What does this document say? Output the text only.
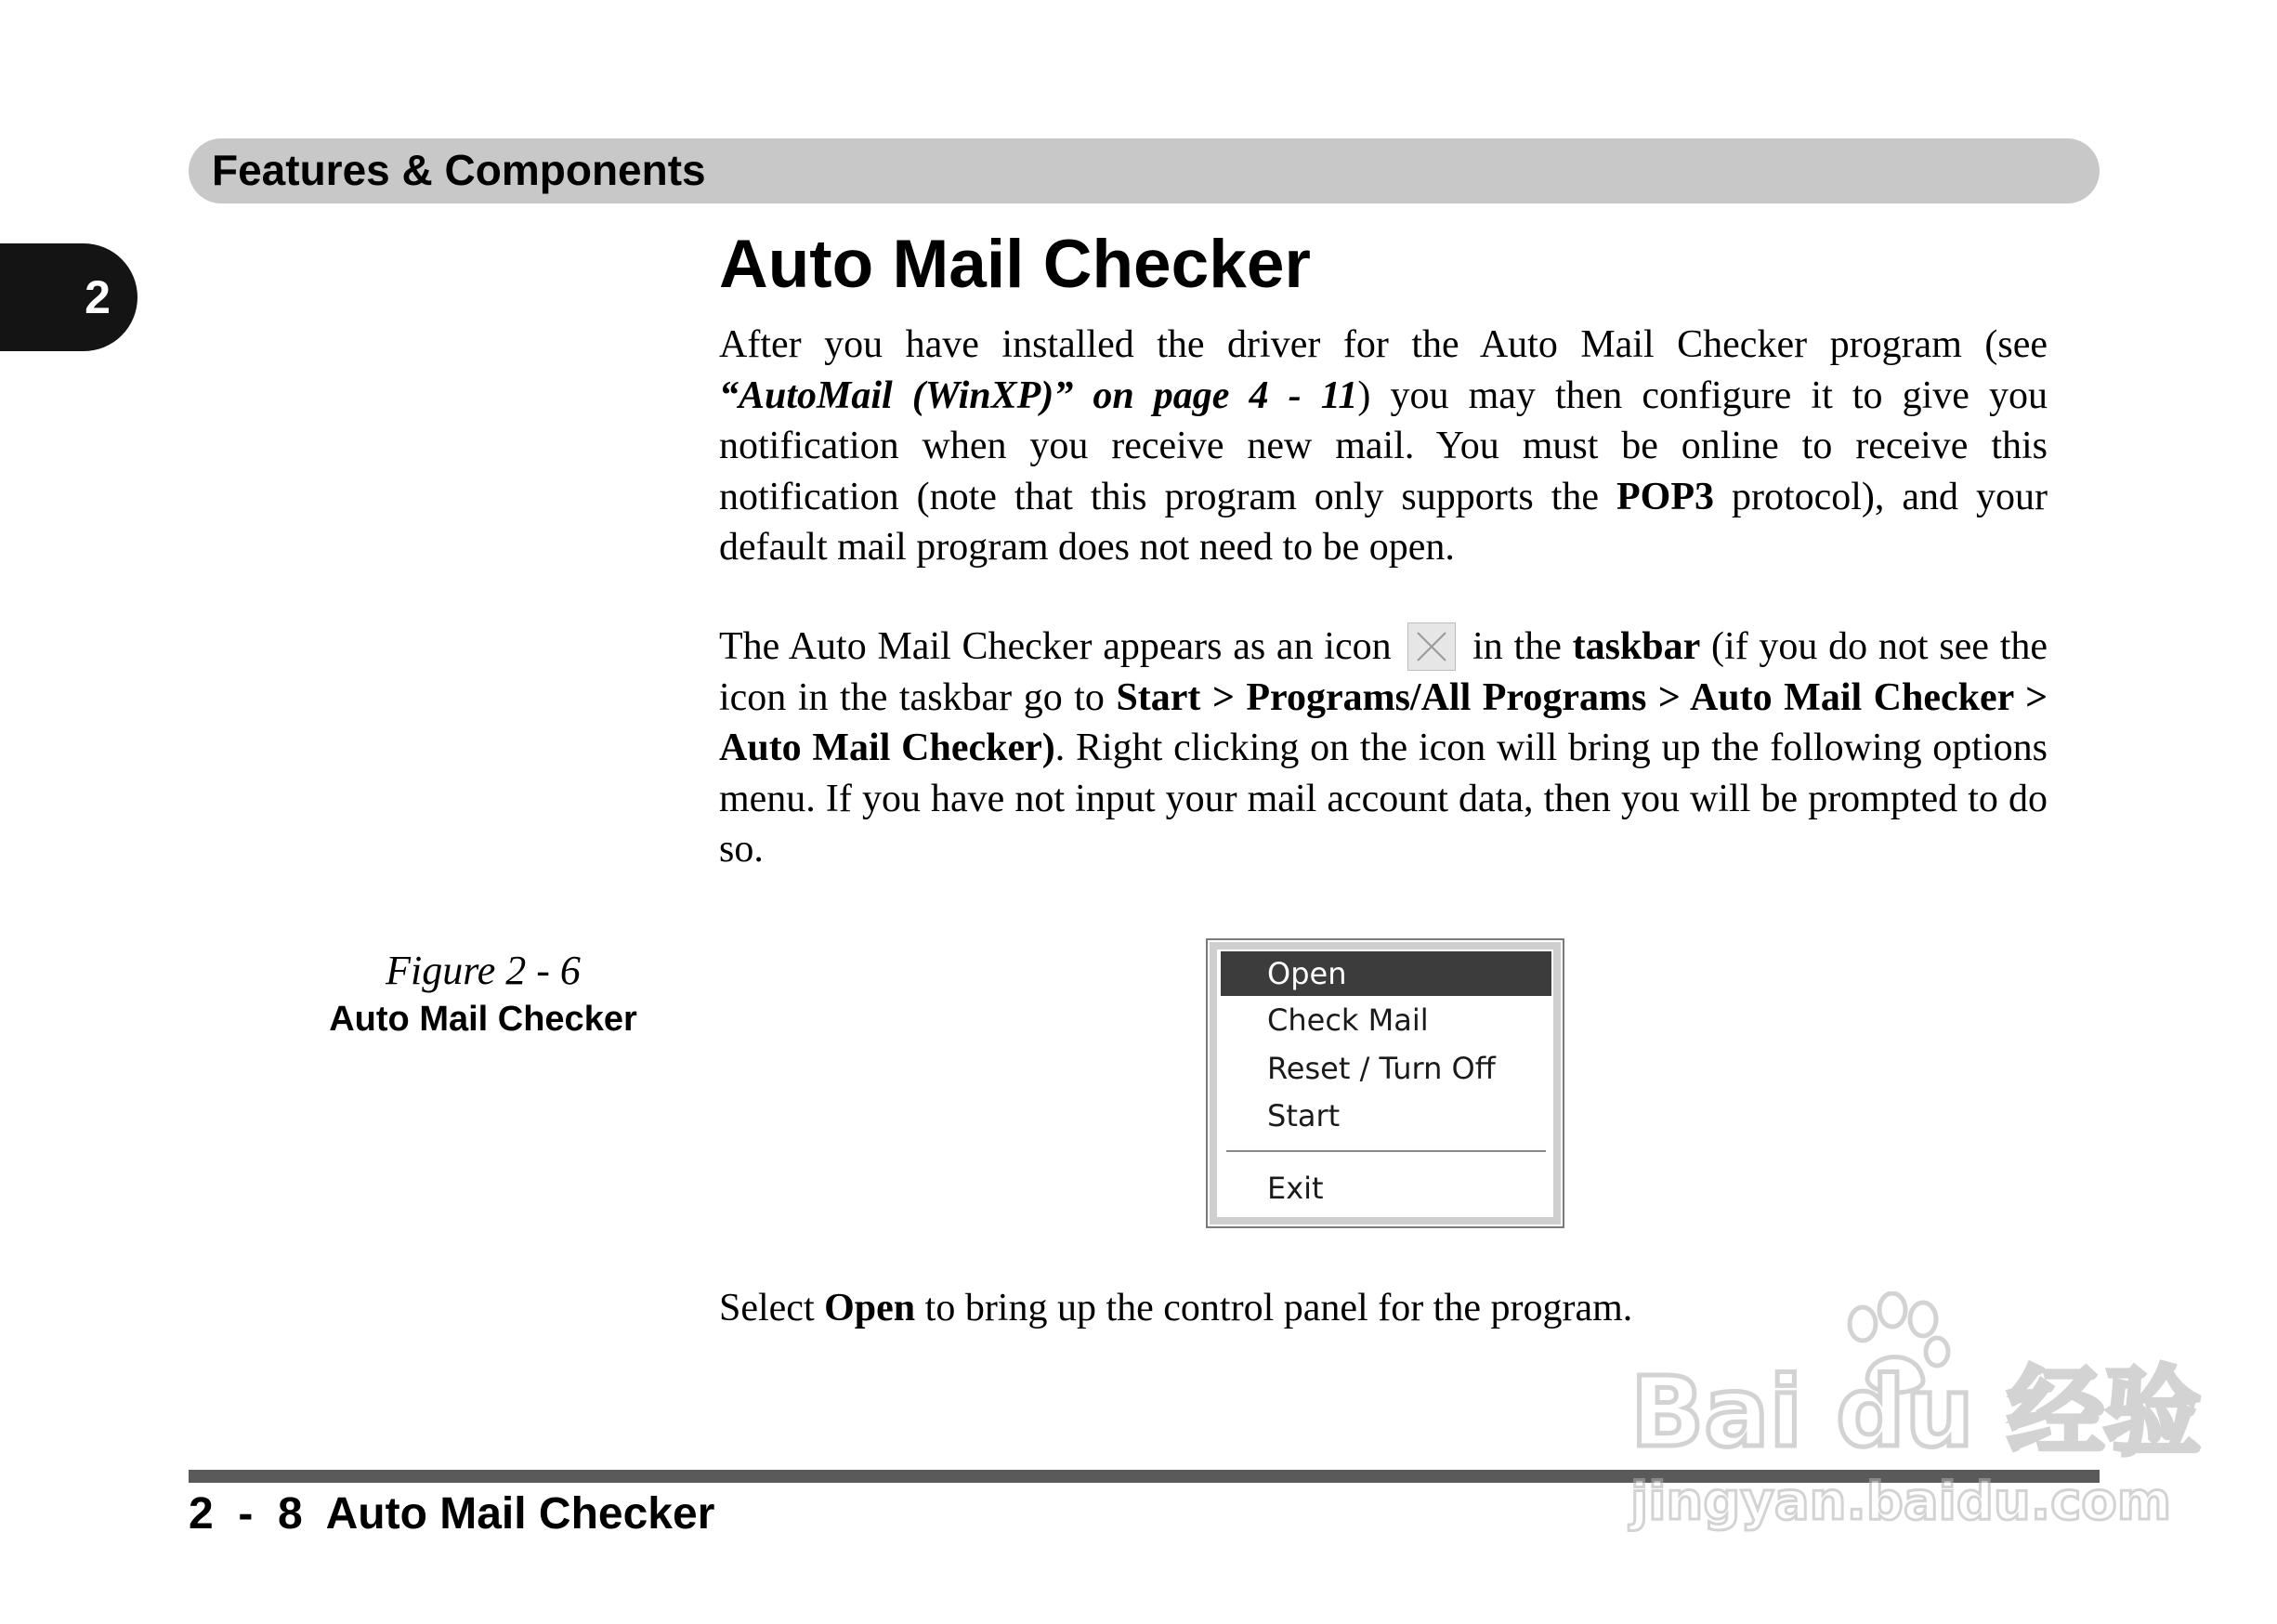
Features & Components
2	Auto Mail Checker

After you have installed the driver for the Auto Mail Checker program (see “AutoMail (WinXP)” on page 4 - 11) you may then configure it to give you notification when you receive new mail. You must be online to receive this notification (note that this program only supports the POP3 protocol), and your default mail program does not need to be open.

The Auto Mail Checker appears as an icon in the taskbar (if you do not see the icon in the taskbar go to Start > Programs/All Programs > Auto Mail Checker > Auto Mail Checker). Right clicking on the icon will bring up the following options menu. If you have not input your mail account data, then you will be prompted to do so.

Figure 2 - 6

Auto Mail Checker

Open
Check Mail
Reset / Turn Off
Start
Exit

Select Open to bring up the control panel for the program.

2  -  8  Auto Mail Checker

Bai du 经验
jingyan.baidu.com
